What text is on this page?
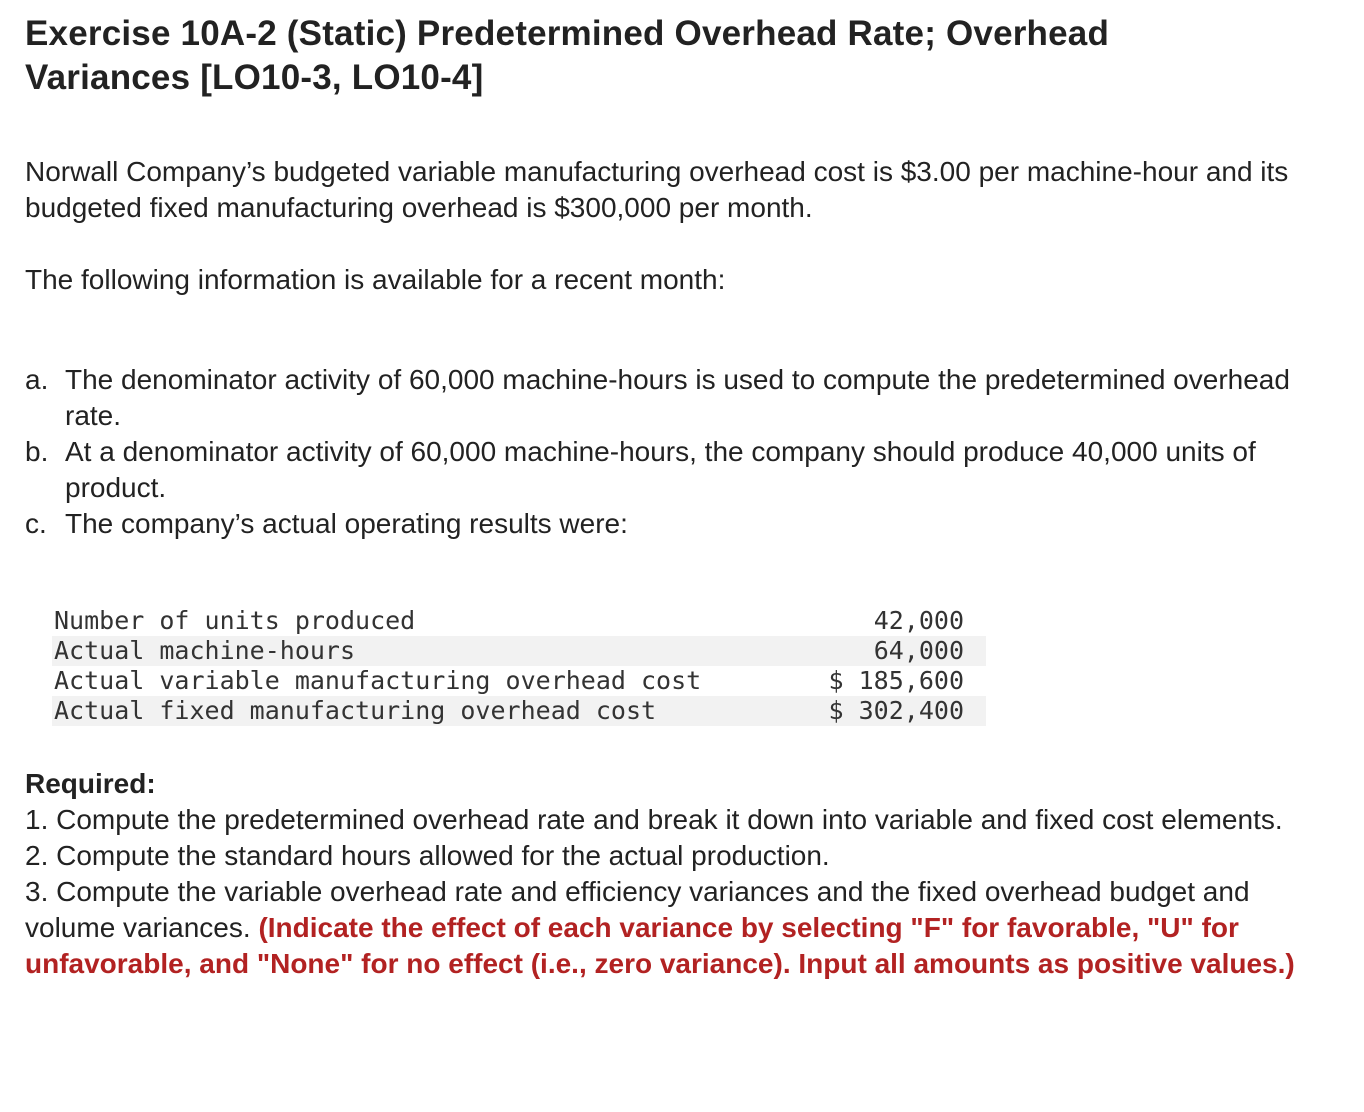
Exercise 10A-2 (Static) Predetermined Overhead Rate; Overhead
Variances [LO10-3, LO10-4]

Norwall Company’s budgeted variable manufacturing overhead cost is $3.00 per machine-hour and its budgeted fixed manufacturing overhead is $300,000 per month.

The following information is available for a recent month:

a. The denominator activity of 60,000 machine-hours is used to compute the predetermined overhead rate.
b. At a denominator activity of 60,000 machine-hours, the company should produce 40,000 units of product.
c. The company’s actual operating results were:
Number of units produced	42,000
Actual machine-hours	64,000
Actual variable manufacturing overhead cost	$ 185,600
Actual fixed manufacturing overhead cost	$ 302,400
Required:

1. Compute the predetermined overhead rate and break it down into variable and fixed cost elements.

2. Compute the standard hours allowed for the actual production.

3. Compute the variable overhead rate and efficiency variances and the fixed overhead budget and volume variances. (Indicate the effect of each variance by selecting "F" for favorable, "U" for unfavorable, and "None" for no effect (i.e., zero variance). Input all amounts as positive values.)
